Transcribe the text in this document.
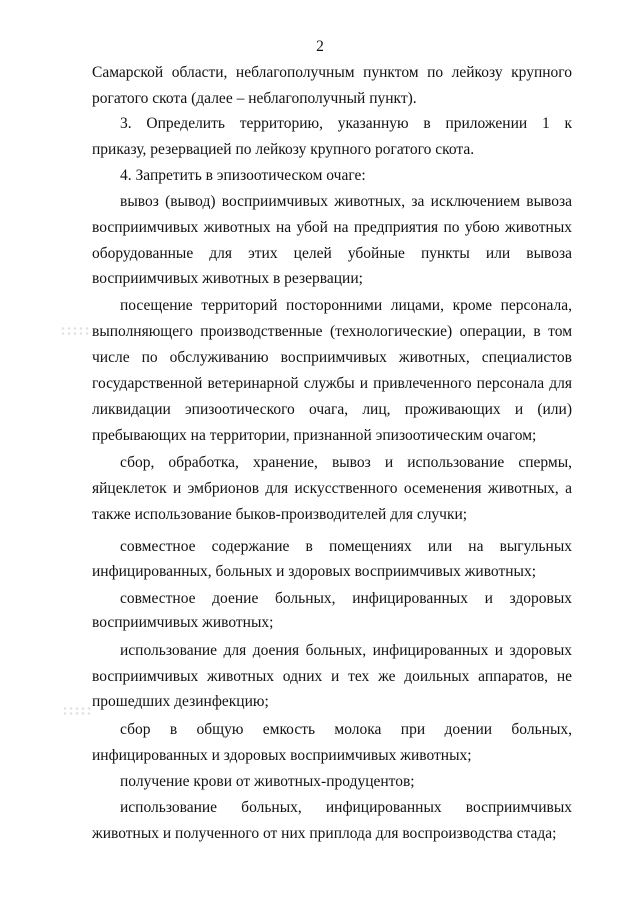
2
Самарской области, неблагополучным пунктом по лейкозу крупного
рогатого скота (далее – неблагополучный пункт).
3. Определить территорию, указанную в приложении 1 к
приказу, резервацией по лейкозу крупного рогатого скота.
4. Запретить в эпизоотическом очаге:
вывоз (вывод) восприимчивых животных, за исключением вывоза
восприимчивых животных на убой на предприятия по убою животных
оборудованные для этих целей убойные пункты или вывоза
восприимчивых животных в резервации;
посещение территорий посторонними лицами, кроме персонала,
выполняющего производственные (технологические) операции, в том
числе по обслуживанию восприимчивых животных, специалистов
государственной ветеринарной службы и привлеченного персонала для
ликвидации эпизоотического очага, лиц, проживающих и (или)
пребывающих на территории, признанной эпизоотическим очагом;
сбор, обработка, хранение, вывоз и использование спермы,
яйцеклеток и эмбрионов для искусственного осеменения животных, а
также использование быков-производителей для случки;
совместное содержание в помещениях или на выгульных
инфицированных, больных и здоровых восприимчивых животных;
совместное доение больных, инфицированных и здоровых
восприимчивых животных;
использование для доения больных, инфицированных и здоровых
восприимчивых животных одних и тех же доильных аппаратов, не
прошедших дезинфекцию;
сбор в общую емкость молока при доении больных,
инфицированных и здоровых восприимчивых животных;
получение крови от животных-продуцентов;
использование больных, инфицированных восприимчивых
животных и полученного от них приплода для воспроизводства стада;
